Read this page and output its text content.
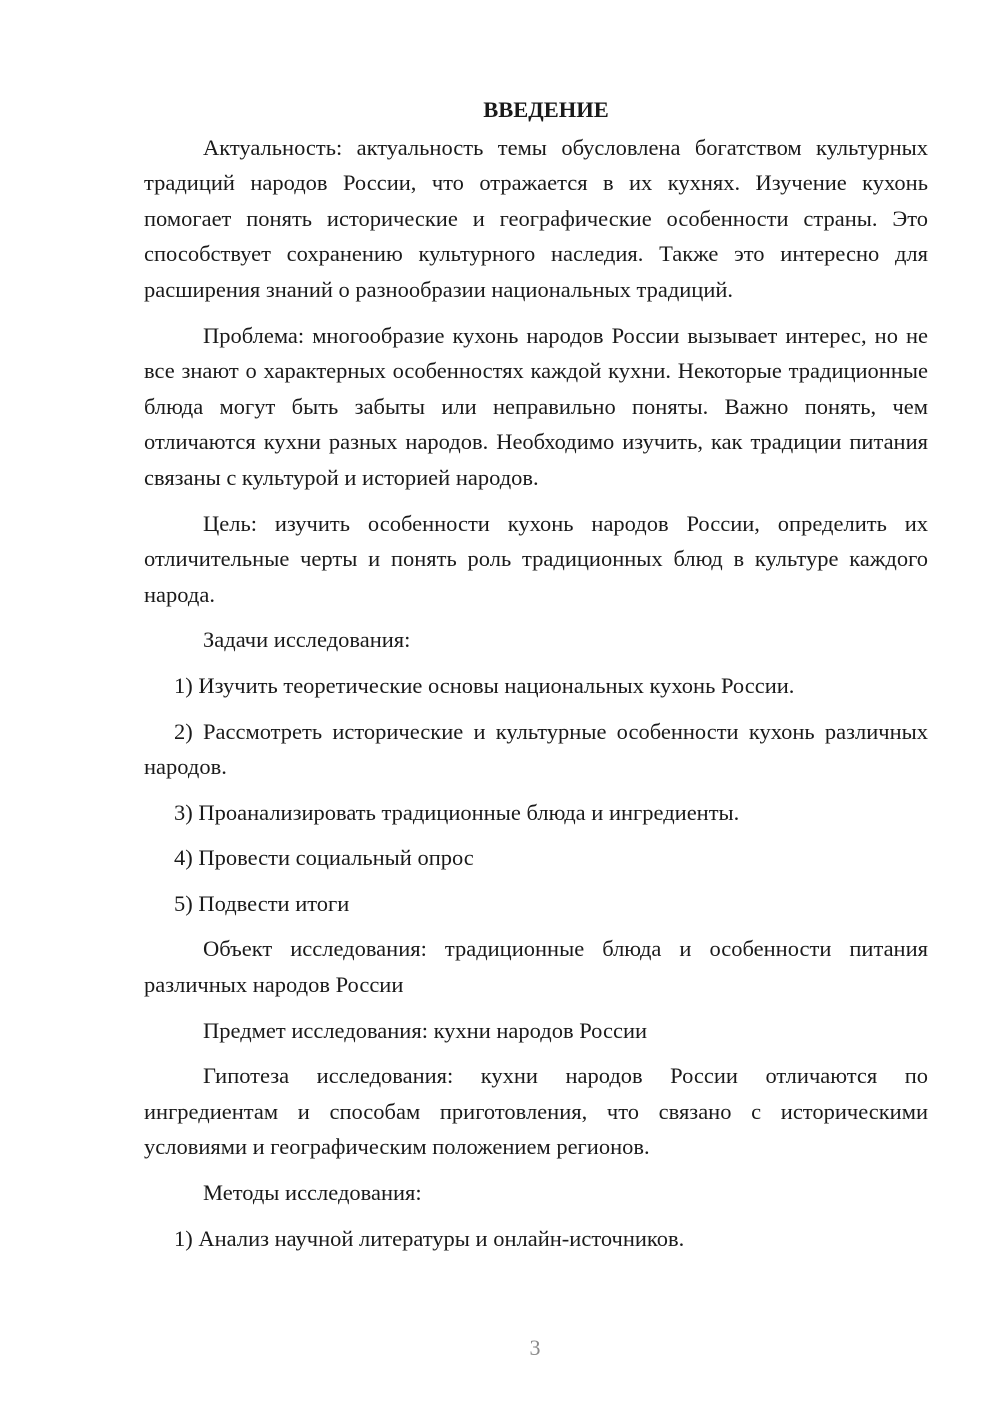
ВВЕДЕНИЕ

Актуальность: актуальность темы обусловлена богатством культурных традиций народов России, что отражается в их кухнях. Изучение кухонь помогает понять исторические и географические особенности страны. Это способствует сохранению культурного наследия. Также это интересно для расширения знаний о разнообразии национальных традиций.

Проблема: многообразие кухонь народов России вызывает интерес, но не все знают о характерных особенностях каждой кухни. Некоторые традиционные блюда могут быть забыты или неправильно поняты. Важно понять, чем отличаются кухни разных народов. Необходимо изучить, как традиции питания связаны с культурой и историей народов.

Цель: изучить особенности кухонь народов России, определить их отличительные черты и понять роль традиционных блюд в культуре каждого народа.

Задачи исследования:

1) Изучить теоретические основы национальных кухонь России.

2) Рассмотреть исторические и культурные особенности кухонь различных народов.

3) Проанализировать традиционные блюда и ингредиенты.

4) Провести социальный опрос

5) Подвести итоги

Объект исследования: традиционные блюда и особенности питания различных народов России

Предмет исследования: кухни народов России

Гипотеза исследования: кухни народов России отличаются по ингредиентам и способам приготовления, что связано с историческими условиями и географическим положением регионов.

Методы исследования:

1) Анализ научной литературы и онлайн-источников.

3
